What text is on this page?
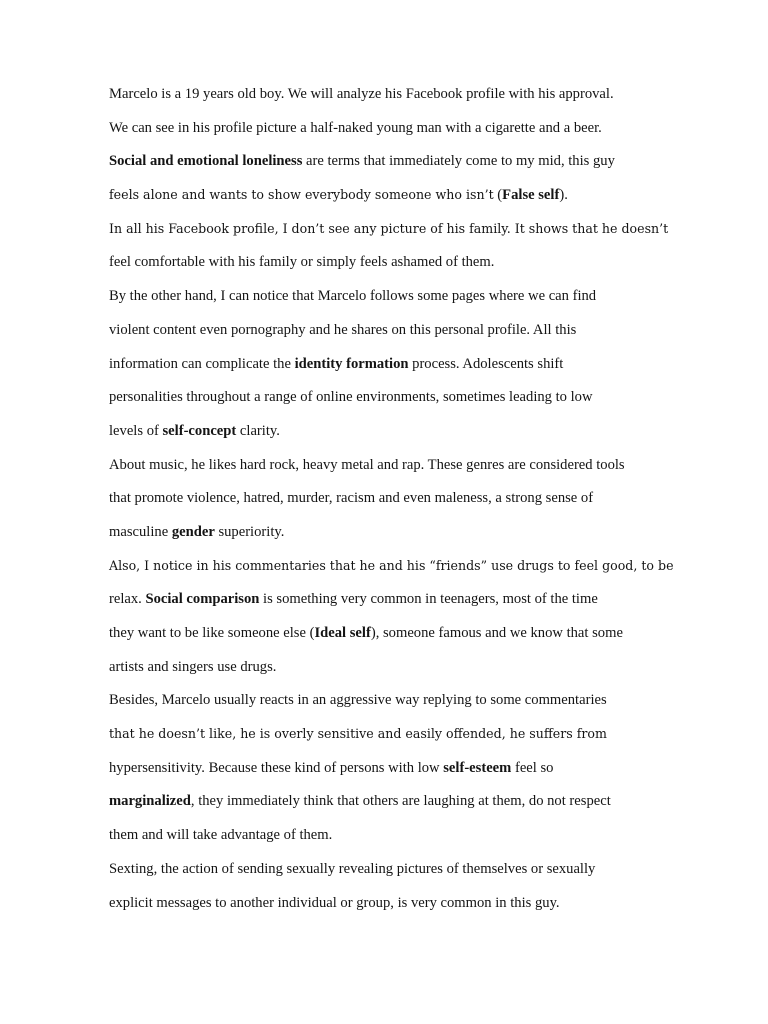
Marcelo is a 19 years old boy. We will analyze his Facebook profile with his approval.
We can see in his profile picture a half-naked young man with a cigarette and a beer.
Social and emotional loneliness are terms that immediately come to my mid, this guy
feels alone and wants to show everybody someone who isn’t (False self).
In all his Facebook profile, I don’t see any picture of his family. It shows that he doesn’t
feel comfortable with his family or simply feels ashamed of them.
By the other hand, I can notice that Marcelo follows some pages where we can find
violent content even pornography and he shares on this personal profile. All this
information can complicate the identity formation process. Adolescents shift
personalities throughout a range of online environments, sometimes leading to low
levels of self-concept clarity.
About music, he likes hard rock, heavy metal and rap. These genres are considered tools
that promote violence, hatred, murder, racism and even maleness, a strong sense of
masculine gender superiority.
Also, I notice in his commentaries that he and his “friends” use drugs to feel good, to be
relax. Social comparison is something very common in teenagers, most of the time
they want to be like someone else (Ideal self), someone famous and we know that some
artists and singers use drugs.
Besides, Marcelo usually reacts in an aggressive way replying to some commentaries
that he doesn’t like, he is overly sensitive and easily offended, he suffers from
hypersensitivity. Because these kind of persons with low self-esteem feel so
marginalized, they immediately think that others are laughing at them, do not respect
them and will take advantage of them.
Sexting, the action of sending sexually revealing pictures of themselves or sexually
explicit messages to another individual or group, is very common in this guy.
